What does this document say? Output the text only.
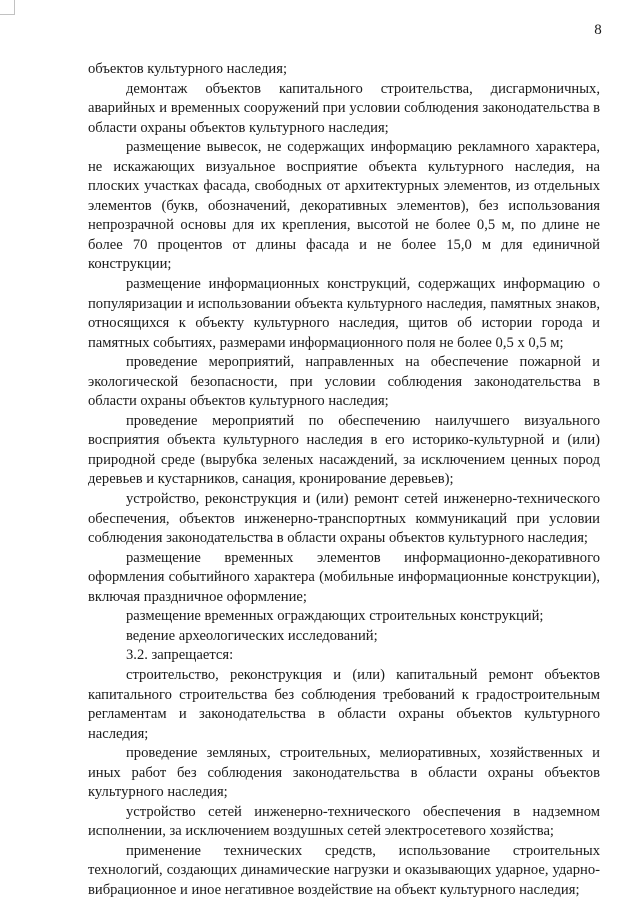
8

объектов культурного наследия;

демонтаж объектов капитального строительства, дисгармоничных, аварийных и временных сооружений при условии соблюдения законодательства в области охраны объектов культурного наследия;

размещение вывесок, не содержащих информацию рекламного характера, не искажающих визуальное восприятие объекта культурного наследия, на плоских участках фасада, свободных от архитектурных элементов, из отдельных элементов (букв, обозначений, декоративных элементов), без использования непрозрачной основы для их крепления, высотой не более 0,5 м, по длине не более 70 процентов от длины фасада и не более 15,0 м для единичной конструкции;

размещение информационных конструкций, содержащих информацию о популяризации и использовании объекта культурного наследия, памятных знаков, относящихся к объекту культурного наследия, щитов об истории города и памятных событиях, размерами информационного поля не более 0,5 х 0,5 м;

проведение мероприятий, направленных на обеспечение пожарной и экологической безопасности, при условии соблюдения законодательства в области охраны объектов культурного наследия;

проведение мероприятий по обеспечению наилучшего визуального восприятия объекта культурного наследия в его историко-культурной и (или) природной среде (вырубка зеленых насаждений, за исключением ценных пород деревьев и кустарников, санация, кронирование деревьев);

устройство, реконструкция и (или) ремонт сетей инженерно-технического обеспечения, объектов инженерно-транспортных коммуникаций при условии соблюдения законодательства в области охраны объектов культурного наследия;

размещение временных элементов информационно-декоративного оформления событийного характера (мобильные информационные конструкции), включая праздничное оформление;

размещение временных ограждающих строительных конструкций;

ведение археологических исследований;

3.2. запрещается:

строительство, реконструкция и (или) капитальный ремонт объектов капитального строительства без соблюдения требований к градостроительным регламентам и законодательства в области охраны объектов культурного наследия;

проведение земляных, строительных, мелиоративных, хозяйственных и иных работ без соблюдения законодательства в области охраны объектов культурного наследия;

устройство сетей инженерно-технического обеспечения в надземном исполнении, за исключением воздушных сетей электросетевого хозяйства;

применение технических средств, использование строительных технологий, создающих динамические нагрузки и оказывающих ударное, ударно-вибрационное и иное негативное воздействие на объект культурного наследия;
